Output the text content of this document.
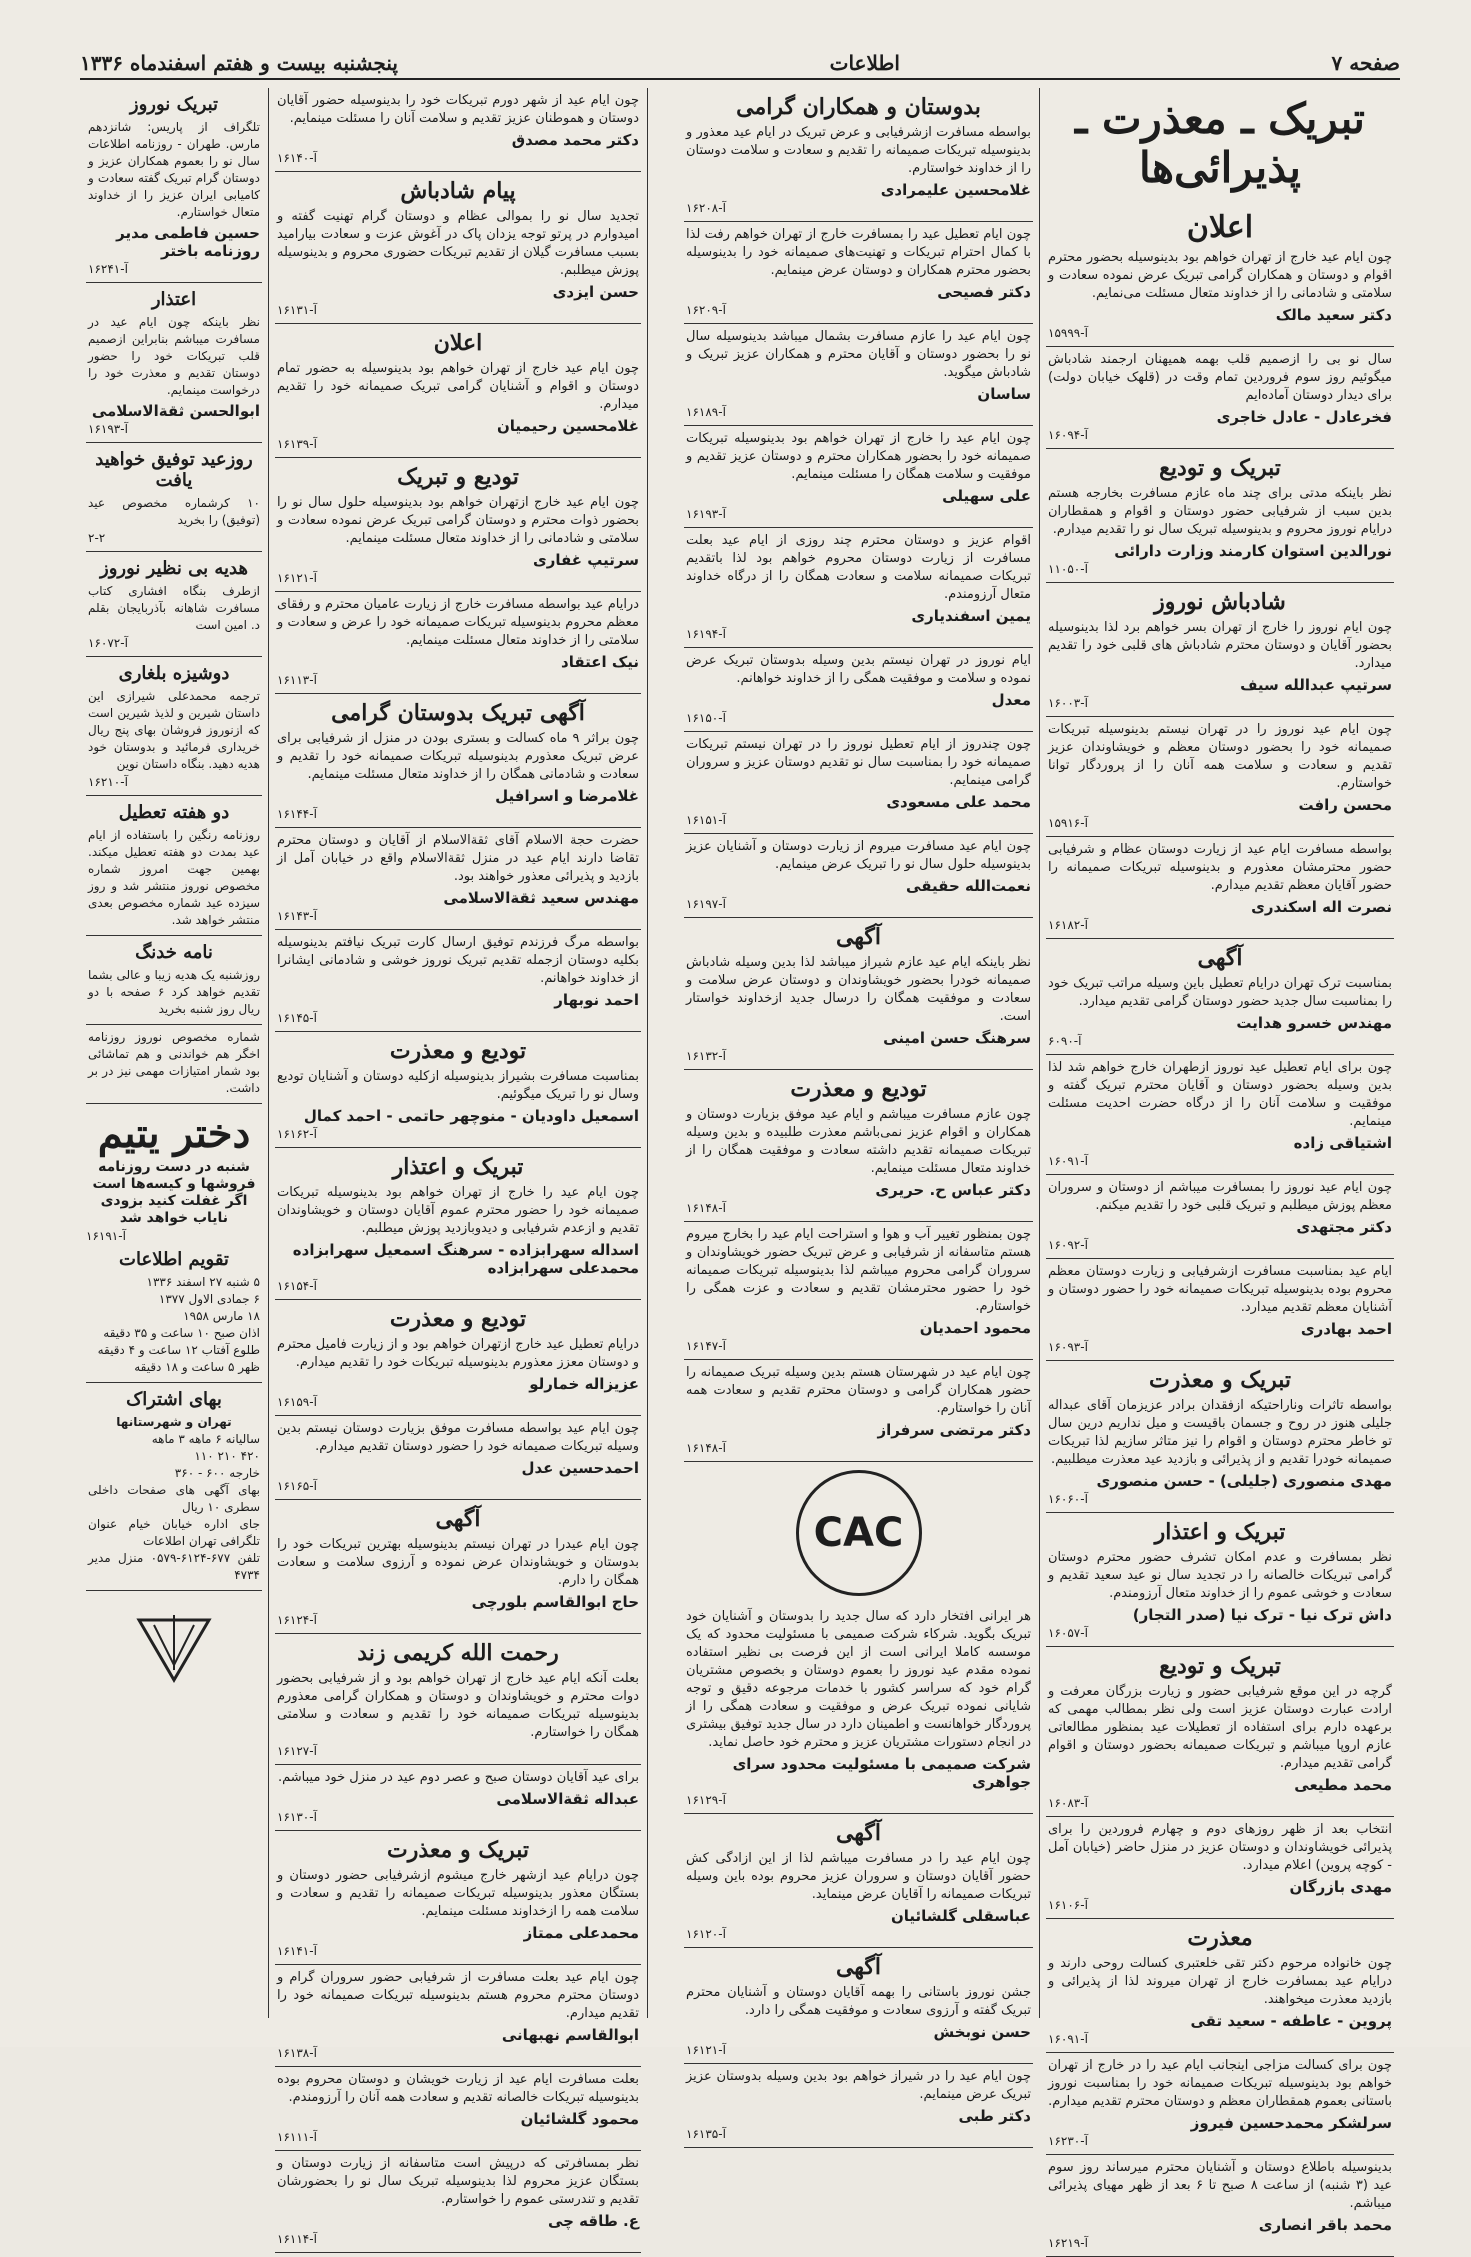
صفحه ۷
اطلاعات
پنجشنبه بیست و هفتم اسفندماه ۱۳۳۶
تبریک ـ معذرت ـ پذیرائی‌ها
اعلان
چون ایام عید خارج از تهران خواهم بود بدینوسیله بحضور محترم اقوام و دوستان و همکاران گرامی تبریک عرض نموده سعادت و سلامتی و شادمانی را از خداوند متعال مسئلت می‌نمایم.
دکتر سعید مالک
آ-۱۵۹۹۹
سال نو بی را ازصمیم قلب بهمه همیهنان ارجمند شادباش میگوئیم روز سوم فروردین تمام وقت در (قلهک خیابان دولت) برای دیدار دوستان آماده‌ایم
فخرعادل - عادل خاجری
آ-۱۶۰۹۴
تبریک و تودیع
نظر باینکه مدتی برای چند ماه عازم مسافرت بخارجه هستم بدین سبب از شرفیابی حضور دوستان و اقوام و همقطاران درایام نوروز محروم و بدینوسیله تبریک سال نو را تقدیم میدارم.
نورالدین استوان کارمند وزارت دارائی
آ-۱۱۰۵۰
شادباش نوروز
چون ایام نوروز را خارج از تهران بسر خواهم برد لذا بدینوسیله بحضور آقایان و دوستان محترم شادباش های قلبی خود را تقدیم میدارد.
سرتیپ عبدالله سیف
آ-۱۶۰۰۳
چون ایام عید نوروز را در تهران نیستم بدینوسیله تبریکات صمیمانه خود را بحضور دوستان معظم و خویشاوندان عزیز تقدیم و سعادت و سلامت همه آنان را از پروردگار توانا خواستارم.
محسن رافت
آ-۱۵۹۱۶
بواسطه مسافرت ایام عید از زیارت دوستان عظام و شرفیابی حضور محترمشان معذورم و بدینوسیله تبریکات صمیمانه را حضور آقایان معظم تقدیم میدارم.
نصرت اله اسکندری
آ-۱۶۱۸۲
آگهی
بمناسبت ترک تهران درایام تعطیل باین وسیله مراتب تبریک خود را بمناسبت سال جدید حضور دوستان گرامی تقدیم میدارد.
مهندس خسرو هدایت
آ-۶۰۹۰
چون برای ایام تعطیل عید نوروز ازطهران خارج خواهم شد لذا بدین وسیله بحضور دوستان و آقایان محترم تبریک گفته و موفقیت و سلامت آنان را از درگاه حضرت احدیت مسئلت مینمایم.
اشتیاقی زاده
آ-۱۶۰۹۱
چون ایام عید نوروز را بمسافرت میباشم از دوستان و سروران معظم پوزش میطلبم و تبریک قلبی خود را تقدیم میکنم.
دکتر مجتهدی
آ-۱۶۰۹۲
ایام عید بمناسبت مسافرت ازشرفیابی و زیارت دوستان معظم محروم بوده بدینوسیله تبریکات صمیمانه خود را حضور دوستان و آشنایان معظم تقدیم میدارد.
احمد بهادری
آ-۱۶۰۹۳
تبریک و معذرت
بواسطه تاثرات وناراحتیکه ازفقدان برادر عزیزمان آقای عبداله جلیلی هنوز در روح و جسمان باقیست و میل نداریم درین سال تو خاطر محترم دوستان و اقوام را نیز متاثر سازیم لذا تبریکات صمیمانه خودرا تقدیم و از پذیرائی و بازدید عید معذرت میطلبیم.
مهدی منصوری (جلیلی) - حسن منصوری
آ-۱۶۰۶۰
تبریک و اعتذار
نظر بمسافرت و عدم امکان تشرف حضور محترم دوستان گرامی تبریکات خالصانه را در تجدید سال نو عید سعید تقدیم و سعادت و خوشی عموم را از خداوند متعال آرزومندم.
داش ترک نیا - ترک نیا (صدر التجار)
آ-۱۶۰۵۷
تبریک و تودیع
گرچه در این موقع شرفیابی حضور و زیارت بزرگان معرفت و ارادت عبارت دوستان عزیز است ولی نظر بمطالب مهمی که برعهده دارم برای استفاده از تعطیلات عید بمنظور مطالعاتی عازم اروپا میباشم و تبریکات صمیمانه بحضور دوستان و اقوام گرامی تقدیم میدارم.
محمد مطیعی
آ-۱۶۰۸۳
انتخاب بعد از ظهر روزهای دوم و چهارم فروردین را برای پذیرائی خویشاوندان و دوستان عزیز در منزل حاضر (خیابان آمل - کوچه پروین) اعلام میدارد.
مهدی بازرگان
آ-۱۶۱۰۶
معذرت
چون خانواده مرحوم دکتر تقی خلعتبری کسالت روحی دارند و درایام عید بمسافرت خارج از تهران میروند لذا از پذیرائی و بازدید معذرت میخواهند.
پروین - عاطفه - سعید تقی
آ-۱۶۰۹۱
چون برای کسالت مزاجی اینجانب ایام عید را در خارج از تهران خواهم بود بدینوسیله تبریکات صمیمانه خود را بمناسبت نوروز باستانی بعموم همقطاران معظم و دوستان محترم تقدیم میدارم.
سرلشکر محمدحسین فیروز
آ-۱۶۲۳۰
بدینوسیله باطلاع دوستان و آشنایان محترم میرساند روز سوم عید (۳ شنبه) از ساعت ۸ صبح تا ۶ بعد از ظهر مهیای پذیرائی میباشم.
محمد باقر انصاری
آ-۱۶۲۱۹
بدوستان و همکاران گرامی
بواسطه مسافرت ازشرفیابی و عرض تبریک در ایام عید معذور و بدینوسیله تبریکات صمیمانه را تقدیم و سعادت و سلامت دوستان را از خداوند خواستارم.
غلامحسین علیمرادی
آ-۱۶۲۰۸
چون ایام تعطیل عید را بمسافرت خارج از تهران خواهم رفت لذا با کمال احترام تبریکات و تهنیت‌های صمیمانه خود را بدینوسیله بحضور محترم همکاران و دوستان عرض مینمایم.
دکتر فصیحی
آ-۱۶۲۰۹
چون ایام عید را عازم مسافرت بشمال میباشد بدینوسیله سال نو را بحضور دوستان و آقایان محترم و همکاران عزیز تبریک و شادباش میگوید.
ساسان
آ-۱۶۱۸۹
چون ایام عید را خارج از تهران خواهم بود بدینوسیله تبریکات صمیمانه خود را بحضور همکاران محترم و دوستان عزیز تقدیم و موفقیت و سلامت همگان را مسئلت مینمایم.
علی سهیلی
آ-۱۶۱۹۳
اقوام عزیز و دوستان محترم چند روزی از ایام عید بعلت مسافرت از زیارت دوستان محروم خواهم بود لذا باتقدیم تبریکات صمیمانه سلامت و سعادت همگان را از درگاه خداوند متعال آرزومندم.
یمین اسفندیاری
آ-۱۶۱۹۴
ایام نوروز در تهران نیستم بدین وسیله بدوستان تبریک عرض نموده و سلامت و موفقیت همگی را از خداوند خواهانم.
معدل
آ-۱۶۱۵۰
چون چندروز از ایام تعطیل نوروز را در تهران نیستم تبریکات صمیمانه خود را بمناسبت سال نو تقدیم دوستان عزیز و سروران گرامی مینمایم.
محمد علی مسعودی
آ-۱۶۱۵۱
چون ایام عید مسافرت میروم از زیارت دوستان و آشنایان عزیز بدینوسیله حلول سال نو را تبریک عرض مینمایم.
نعمت‌الله حقیقی
آ-۱۶۱۹۷
آگهی
نظر باینکه ایام عید عازم شیراز میباشد لذا بدین وسیله شادباش صمیمانه خودرا بحضور خویشاوندان و دوستان عرض سلامت و سعادت و موفقیت همگان را درسال جدید ازخداوند خواستار است.
سرهنگ حسن امینی
آ-۱۶۱۳۲
تودیع و معذرت
چون عازم مسافرت میباشم و ایام عید موفق بزیارت دوستان و همکاران و اقوام عزیز نمی‌باشم معذرت طلبیده و بدین وسیله تبریکات صمیمانه تقدیم داشته سعادت و موفقیت همگان را از خداوند متعال مسئلت مینمایم.
دکتر عباس ح. حریری
آ-۱۶۱۴۸
چون بمنظور تغییر آب و هوا و استراحت ایام عید را بخارج میروم هستم متاسفانه از شرفیابی و عرض تبریک حضور خویشاوندان و سروران گرامی محروم میباشم لذا بدینوسیله تبریکات صمیمانه خود را حضور محترمشان تقدیم و سعادت و عزت همگی را خواستارم.
محمود احمدیان
آ-۱۶۱۴۷
چون ایام عید در شهرستان هستم بدین وسیله تبریک صمیمانه را حضور همکاران گرامی و دوستان محترم تقدیم و سعادت همه آنان را خواستارم.
دکتر مرتضی سرفراز
آ-۱۶۱۴۸
CAC
هر ایرانی افتخار دارد که سال جدید را بدوستان و آشنایان خود تبریک بگوید. شرکاء شرکت صمیمی با مسئولیت محدود که یک موسسه کاملا ایرانی است از این فرصت بی نظیر استفاده نموده مقدم عید نوروز را بعموم دوستان و بخصوص مشتریان گرام خود که سراسر کشور با خدمات مرجوعه دقیق و توجه شایانی نموده تبریک عرض و موفقیت و سعادت همگی را از پروردگار خواهانست و اطمینان دارد در سال جدید توفیق بیشتری در انجام دستورات مشتریان عزیز و محترم خود حاصل نماید.
شرکت صمیمی با مسئولیت محدود سرای جواهری
آ-۱۶۱۲۹
آگهی
چون ایام عید را در مسافرت میباشم لذا از این ازادگی کش حضور آقایان دوستان و سروران عزیز محروم بوده باین وسیله تبریکات صمیمانه را آقایان عرض مینماید.
عباسقلی گلشائیان
آ-۱۶۱۲۰
آگهی
جشن نوروز باستانی را بهمه آقایان دوستان و آشنایان محترم تبریک گفته و آرزوی سعادت و موفقیت همگی را دارد.
حسن نوبخش
آ-۱۶۱۲۱
چون ایام عید را در شیراز خواهم بود بدین وسیله بدوستان عزیز تبریک عرض مینمایم.
دکتر طبی
آ-۱۶۱۳۵
چون ایام عید از شهر دورم تبریکات خود را بدینوسیله حضور آقایان دوستان و هموطنان عزیز تقدیم و سلامت آنان را مسئلت مینمایم.
دکتر محمد مصدق
آ-۱۶۱۴۰
پیام شادباش
تجدید سال نو را بموالی عظام و دوستان گرام تهنیت گفته و امیدوارم در پرتو توجه یزدان پاک در آغوش عزت و سعادت بیارامید بسبب مسافرت گیلان از تقدیم تبریکات حضوری محروم و بدینوسیله پوزش میطلبم.
حسن ایزدی
آ-۱۶۱۳۱
اعلان
چون ایام عید خارج از تهران خواهم بود بدینوسیله به حضور تمام دوستان و اقوام و آشنایان گرامی تبریک صمیمانه خود را تقدیم میدارم.
غلامحسین رحیمیان
آ-۱۶۱۳۹
تودیع و تبریک
چون ایام عید خارج ازتهران خواهم بود بدینوسیله حلول سال نو را بحضور ذوات محترم و دوستان گرامی تبریک عرض نموده سعادت و سلامتی و شادمانی را از خداوند متعال مسئلت مینمایم.
سرتیپ غفاری
آ-۱۶۱۲۱
درایام عید بواسطه مسافرت خارج از زیارت عامیان محترم و رفقای معظم محروم بدینوسیله تبریکات صمیمانه خود را عرض و سعادت و سلامتی را از خداوند متعال مسئلت مینمایم.
نیک اعتقاد
آ-۱۶۱۱۳
آگهی تبریک بدوستان گرامی
چون براثر ۹ ماه کسالت و بستری بودن در منزل از شرفیابی برای عرض تبریک معذورم بدینوسیله تبریکات صمیمانه خود را تقدیم و سعادت و شادمانی همگان را از خداوند متعال مسئلت مینمایم.
غلامرضا و اسرافیل
آ-۱۶۱۴۴
حضرت حجة الاسلام آقای ثقةالاسلام از آقایان و دوستان محترم تقاضا دارند ایام عید در منزل ثقةالاسلام واقع در خیابان آمل از بازدید و پذیرائی معذور خواهند بود.
مهندس سعید ثقةالاسلامی
آ-۱۶۱۴۳
بواسطه مرگ فرزندم توفیق ارسال کارت تبریک نیافتم بدینوسیله بکلیه دوستان ازجمله تقدیم تبریک نوروز خوشی و شادمانی ایشانرا از خداوند خواهانم.
احمد نوبهار
آ-۱۶۱۴۵
تودیع و معذرت
بمناسبت مسافرت بشیراز بدینوسیله ازکلیه دوستان و آشنایان تودیع وسال نو را تبریک میگوئیم.
اسمعیل داودیان - منوچهر حاتمی - احمد کمال
آ-۱۶۱۶۲
تبریک و اعتذار
چون ایام عید را خارج از تهران خواهم بود بدینوسیله تبریکات صمیمانه خود را حضور محترم عموم آقایان دوستان و خویشاوندان تقدیم و ازعدم شرفیابی و دیدوبازدید پوزش میطلبم.
اسداله سهرابزاده - سرهنگ اسمعیل سهرابزاده محمدعلی سهرابزاده
آ-۱۶۱۵۴
تودیع و معذرت
درایام تعطیل عید خارج ازتهران خواهم بود و از زیارت فامیل محترم و دوستان معزز معذورم بدینوسیله تبریکات خود را تقدیم میدارم.
عزیزاله خمارلو
آ-۱۶۱۵۹
چون ایام عید بواسطه مسافرت موفق بزیارت دوستان نیستم بدین وسیله تبریکات صمیمانه خود را حضور دوستان تقدیم میدارم.
احمدحسین عدل
آ-۱۶۱۶۵
آگهی
چون ایام عیدرا در تهران نیستم بدینوسیله بهترین تبریکات خود را بدوستان و خویشاوندان عرض نموده و آرزوی سلامت و سعادت همگان را دارم.
حاج ابوالقاسم بلورچی
آ-۱۶۱۲۴
رحمت الله کریمی زند
بعلت آنکه ایام عید خارج از تهران خواهم بود و از شرفیابی بحضور دوات محترم و خویشاوندان و دوستان و همکاران گرامی معذورم بدینوسیله تبریکات صمیمانه خود را تقدیم و سعادت و سلامتی همگان را خواستارم.
آ-۱۶۱۲۷
برای عید آقایان دوستان صبح و عصر دوم عید در منزل خود میباشم.
عبداله ثقةالاسلامی
آ-۱۶۱۳۰
تبریک و معذرت
چون درایام عید ازشهر خارج میشوم ازشرفیابی حضور دوستان و بستگان معذور بدینوسیله تبریکات صمیمانه را تقدیم و سعادت و سلامت همه را ازخداوند مسئلت مینمایم.
محمدعلی ممتاز
آ-۱۶۱۴۱
چون ایام عید بعلت مسافرت از شرفیابی حضور سروران گرام و دوستان محترم محروم هستم بدینوسیله تبریکات صمیمانه خود را تقدیم میدارم.
ابوالقاسم نهبهانی
آ-۱۶۱۳۸
بعلت مسافرت ایام عید از زیارت خویشان و دوستان محروم بوده بدینوسیله تبریکات خالصانه تقدیم و سعادت همه آنان را آرزومندم.
محمود گلشائیان
آ-۱۶۱۱۱
نظر بمسافرتی که درپیش است متاسفانه از زیارت دوستان و بستگان عزیز محروم لذا بدینوسیله تبریک سال نو را بحضورشان تقدیم و تندرستی عموم را خواستارم.
ع. طاقه چی
آ-۱۶۱۱۴
تبریک نوروز
تلگراف از پاریس: شانزدهم مارس. طهران - روزنامه اطلاعات سال نو را بعموم همکاران عزیز و دوستان گرام تبریک گفته سعادت و کامیابی ایران عزیز را از خداوند متعال خواستارم.
حسین فاطمی مدیر روزنامه باختر
آ-۱۶۲۴۱
اعتذار
نظر باینکه چون ایام عید در مسافرت میباشم بنابراین ازصمیم قلب تبریکات خود را حضور دوستان تقدیم و معذرت خود را درخواست مینمایم.
ابوالحسن ثقةالاسلامی
آ-۱۶۱۹۳
روزعید توفیق خواهید یافت
۱۰ کرشماره مخصوص عید (توفیق) را بخرید
۲-۲
هدیه بی نظیر نوروز
ازطرف بنگاه افشاری کتاب مسافرت شاهانه بآذربایجان بقلم د. امین است
آ-۱۶۰۷۲
دوشیزه بلغاری
ترجمه محمدعلی شیرازی این داستان شیرین و لذیذ شیرین است که ازنوروز فروشان بهای پنج ریال خریداری فرمائید و بدوستان خود هدیه دهید. بنگاه داستان نوین
آ-۱۶۲۱۰
دو هفته تعطیل
روزنامه رنگین را باستفاده از ایام عید بمدت دو هفته تعطیل میکند. بهمین جهت امروز شماره مخصوص نوروز منتشر شد و روز سیزده عید شماره مخصوص بعدی منتشر خواهد شد.
نامه خدنگ
روزشنبه یک هدیه زیبا و عالی بشما تقدیم خواهد کرد ۶ صفحه با دو ریال روز شنبه بخرید
شماره مخصوص نوروز روزنامه اخگر هم خواندنی و هم تماشائی بود شمار امتیازات مهمی نیز در بر داشت.
دختر یتیم
شنبه در دست روزنامه فروشها و کیسه‌ها است اگر غفلت کنید بزودی نایاب خواهد شد
آ-۱۶۱۹۱
تقویم اطلاعات
۵ شنبه ۲۷ اسفند ۱۳۳۶
۶ جمادی الاول ۱۳۷۷
۱۸ مارس ۱۹۵۸
اذان صبح ۱۰ ساعت و ۳۵ دقیقه
طلوع آفتاب ۱۲ ساعت و ۴ دقیقه
ظهر ۵ ساعت و ۱۸ دقیقه
بهای اشتراک
تهران و شهرستانها
سالیانه ۶ ماهه ۳ ماهه
۴۲۰ ۲۱۰ ۱۱۰
خارجه ۶۰۰ - ۳۶۰
بهای آگهی های صفحات داخلی سطری ۱۰ ریال
جای اداره خیابان خیام عنوان تلگرافی تهران اطلاعات
تلفن ۶۷۷-۶۱۲۴-۰۵۷۹ منزل مدیر ۴۷۳۴
